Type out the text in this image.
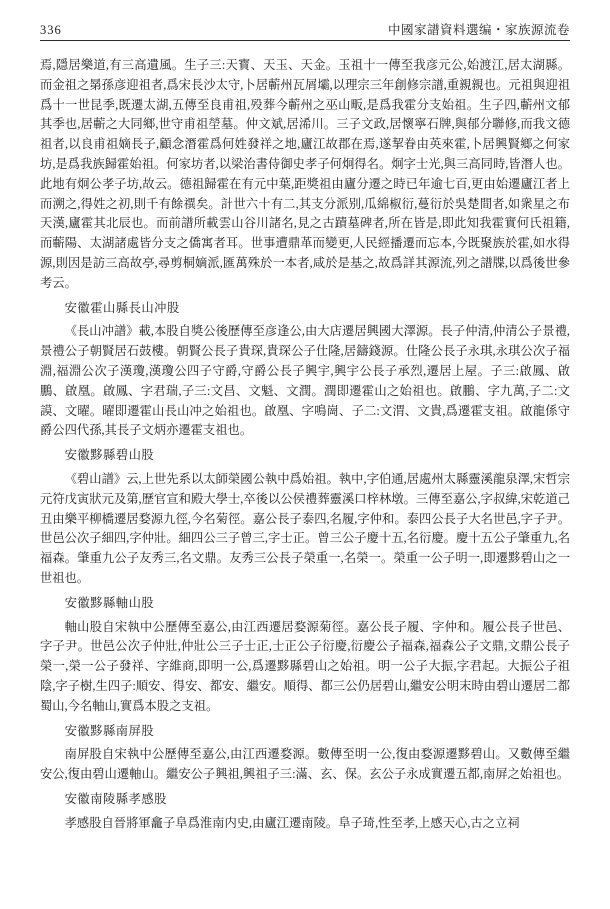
336	中國家譜資料選编・家族源流卷

焉,隱居樂道,有三高遺風。生子三:天寳、天玉、天金。玉祖十一傳至我彦元公,始渡江,居太湖縣。而金祖之晜孫彦迎祖者,爲宋長沙太守,卜居蘄州瓦屑壩,以理宗三年創修宗譜,重親親也。元祖與迎祖爲十一世昆季,既遷太湖,五傳至良甫祖,殁葬今蘄州之巫山畈,是爲我霍分支始祖。生子四,蘄州文郁其季也,居蘄之大同鄉,世守甫祖塋墓。仲文斌,居浠川。三子文政,居懷寧石牌,與郁分聯修,而我文德祖者,以良甫祖嫡長子,顧念潛霍爲何姓發祥之地,廬江故郡在焉,遂挈眷由英來霍,卜居興賢鄉之何家坊,是爲我族歸霍始祖。何家坊者,以梁治書侍御史孝子何炯得名。炯字士光,與三高同時,皆潛人也。此地有炯公孝子坊,故云。德祖歸霍在有元中葉,距獎祖由廬分遷之時已年逾七百,更由始遷廬江者上而溯之,得姓之初,則千有餘禩矣。計世六十有二,其支分派别,瓜綿椒衍,蔓衍於吳楚間者,如衆星之布天漢,廬霍其北辰也。而前譜所載雲山谷川諸名,見之古蹟墓碑者,所在皆是,即此知我霍實何氏祖籍,而蘄陽、太湖諸處皆分支之僑寓者耳。世事遭鼎革而變更,人民經播遷而忘本,今既聚族於霍,如水得源,則因是訪三高故亭,尋剪桐嫡派,匯萬殊於一本者,咸於是基之,故爲詳其源流,列之譜牒,以爲後世參考云。

安徽霍山縣長山冲股

《長山冲譜》載,本股自獎公後歷傳至彦逢公,由大店遷居興國大澤源。長子仲清,仲清公子景禮,景禮公子朝賢居石鼓樓。朝賢公長子貴琛,貴琛公子仕隆,居鑄錢源。仕隆公長子永琪,永琪公次子福淵,福淵公次子漢瓊,漢瓊公四子守爵,守爵公長子興宇,興宇公長子承烈,遷居上屋。子三:啟鳳、啟鵬、啟凰。啟鳳、字君瑞,子三:文昌、文魁、文潤。潤即遷霍山之始祖也。啟鵬、字九萬,子二:文謨、文曜。曜即遷霍山長山冲之始祖也。啟凰、字鳴崗、子二:文渭、文貴,爲遷霍支祖。啟龍係守爵公四代孫,其長子文炳亦遷霍支祖也。

安徽黟縣碧山股

《碧山譜》云,上世先系以太師榮國公執中爲始祖。執中,字伯通,居處州太縣靈溪龍泉澤,宋哲宗元符戊寅狀元及第,歷官宣和殿大學士,卒後以公侯禮葬靈溪口梓林墩。三傳至嘉公,字叔緯,宋乾道己丑由樂平柳橋遷居婺源九徑,今名菊徑。嘉公長子泰四,名履,字仲和。泰四公長子大名世邑,字子尹。世邑公次子細四,字仲壯。細四公三子曾三,字士正。曾三公子慶十五,名衍慶。慶十五公子肇重九,名福森。肇重九公子友秀三,名文鼎。友秀三公長子榮重一,名榮一。榮重一公子明一,即遷黟碧山之一世祖也。

安徽黟縣軸山股

軸山股自宋執中公歷傳至嘉公,由江西遷居婺源菊徑。嘉公長子履、字仲和。履公長子世邑、字子尹。世邑公次子仲壯,仲壯公三子士正,士正公子衍慶,衍慶公子福森,福森公子文鼎,文鼎公長子榮一,榮一公子發祥、字維商,即明一公,爲遷黟縣碧山之始祖。明一公子大振,字君起。大振公子祖陰,字子樹,生四子:順安、得安、都安、繼安。順得、都三公仍居碧山,繼安公明末時由碧山遷居二都蜀山,今名軸山,實爲本股之支祖。

安徽黟縣南屏股

南屏股自宋執中公歷傳至嘉公,由江西遷婺源。數傳至明一公,復由婺源遷黟碧山。又數傳至繼安公,復由碧山遷軸山。繼安公子興祖,興祖子三:滿、玄、保。玄公子永成實遷五都,南屏之始祖也。

安徽南陵縣孝感股

孝感股自晉將軍龕子阜爲淮南内史,由廬江遷南陵。阜子琦,性至孝,上感天心,古之立祠
